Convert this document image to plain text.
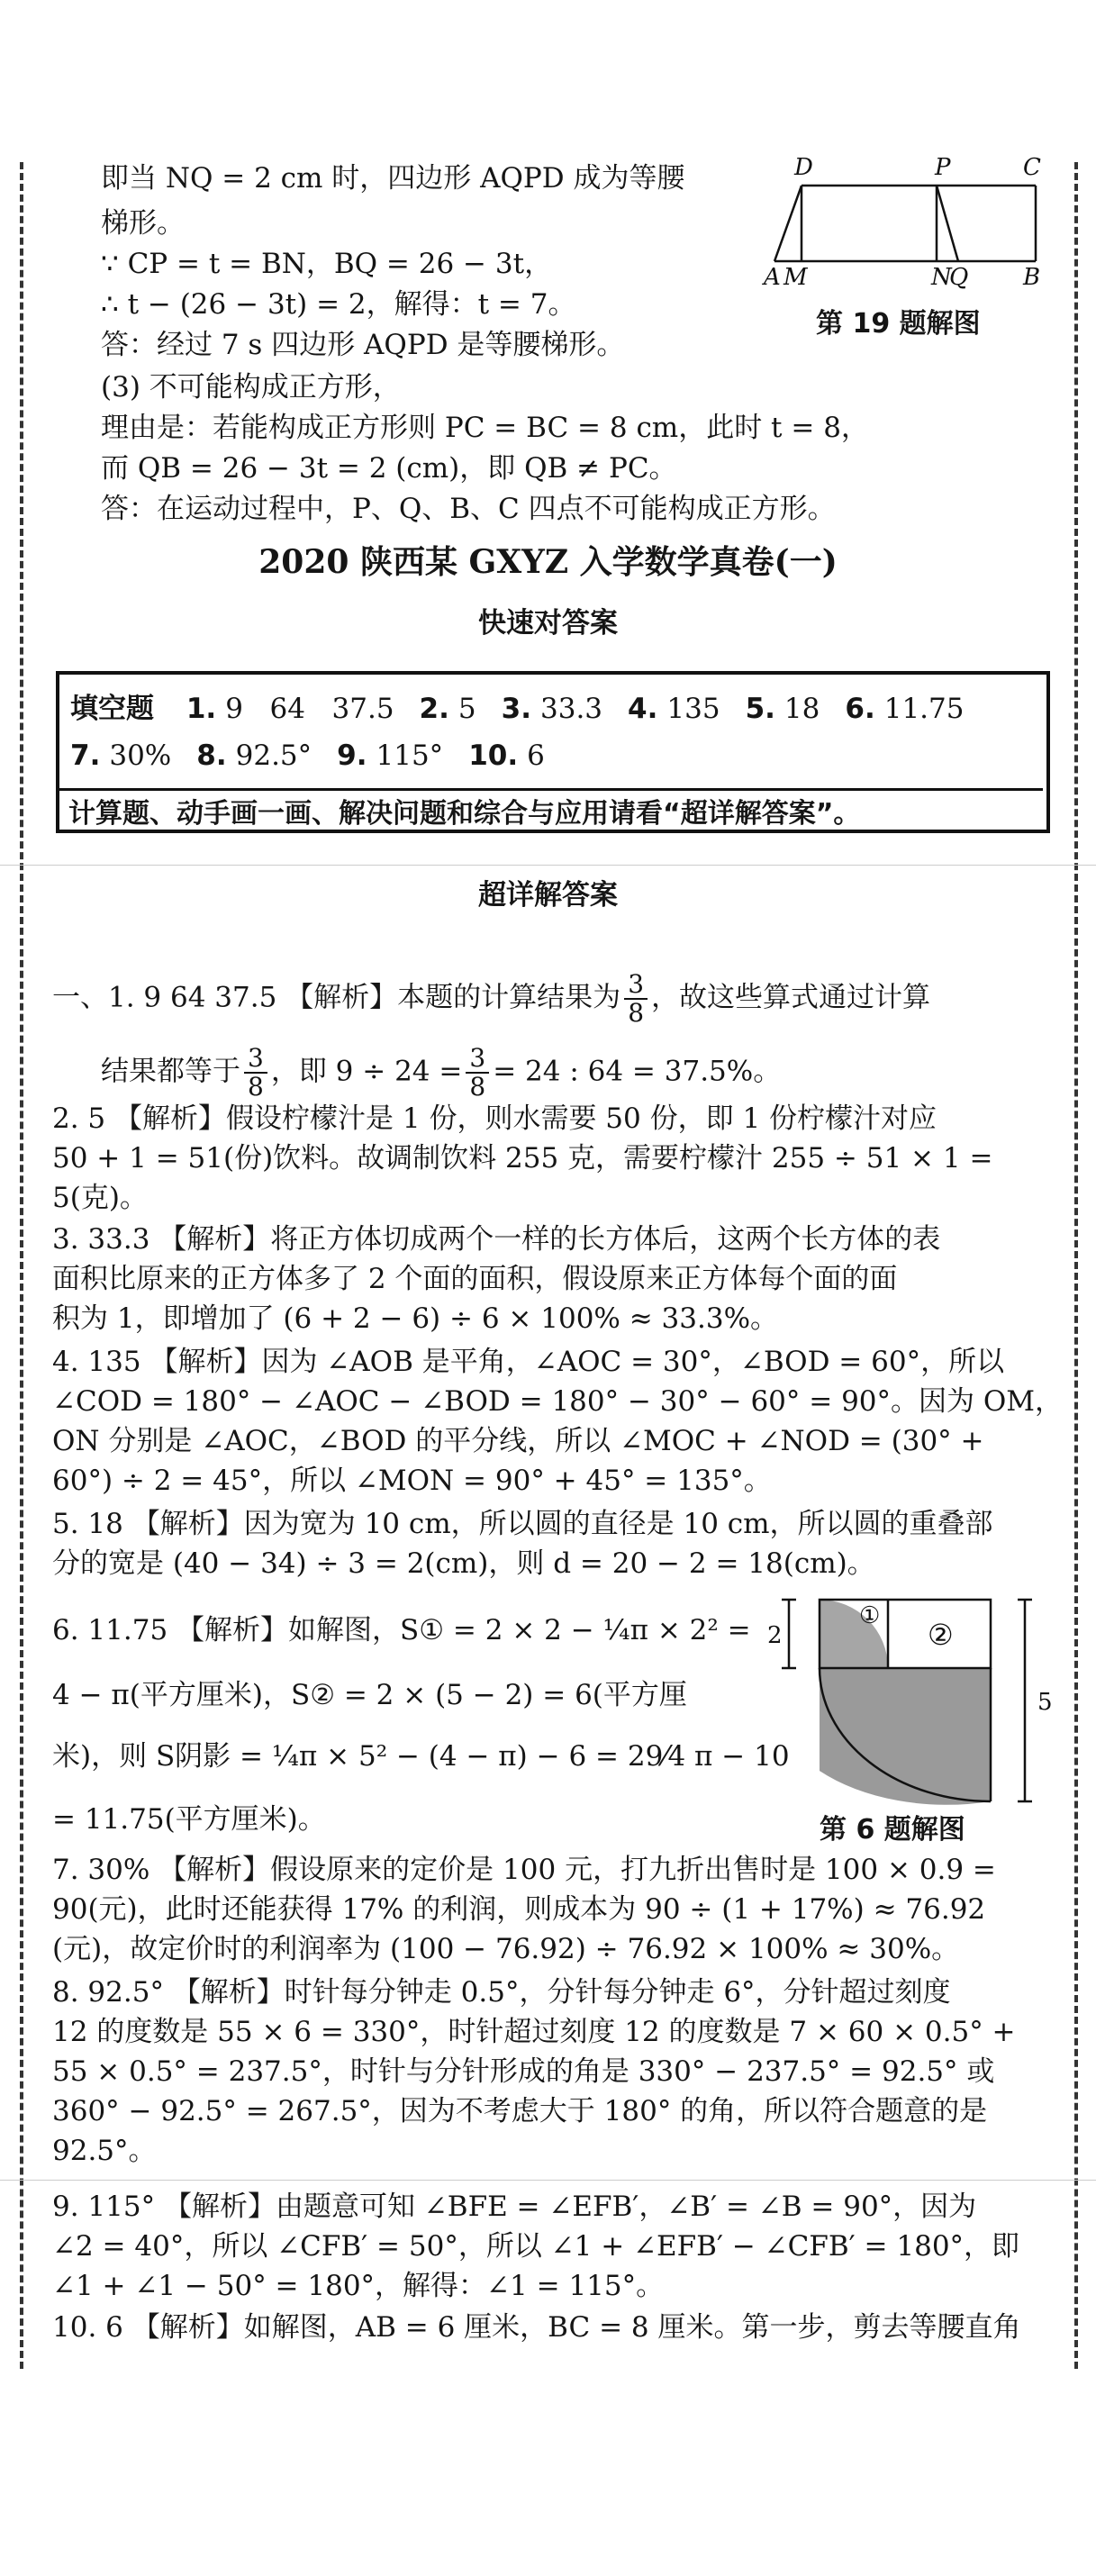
即当 NQ = 2 cm 时，四边形 AQPD 成为等腰
梯形。
∵ CP = t = BN，BQ = 26 − 3t，
∴ t − (26 − 3t) = 2，解得：t = 7。
答：经过 7 s 四边形 AQPD 是等腰梯形。
(3) 不可能构成正方形，
理由是：若能构成正方形则 PC = BC = 8 cm，此时 t = 8，
而 QB = 26 − 3t = 2 (cm)，即 QB ≠ PC。
答：在运动过程中，P、Q、B、C 四点不可能构成正方形。
D	P	C
A M	N
Q B
第 19 题解图
2020 陕西某 GXYZ 入学数学真卷(一)
快速对答案
填空题 1. 9   64   37.5 2. 5 3. 33.3 4. 135 5. 18 6. 11.75
7. 30% 8. 92.5° 9. 115° 10. 6
计算题、动手画一画、解决问题和综合与应用请看“超详解答案”。
超详解答案
一、1. 9 64 37.5 【解析】本题的计算结果为 $\frac{3}{8}$ ，故这些算式通过计算
结果都等于 $\frac{3}{8}$ ，即 $9 \div 24 = \frac{3}{8} = 24$ : 64 = 37.5%。
2. 5 【解析】假设柠檬汁是 1 份，则水需要 50 份，即 1 份柠檬汁对应
50 + 1 = 51(份)饮料。故调制饮料 255 克，需要柠檬汁 255 ÷ 51 × 1 =
5(克)。
3. 33.3 【解析】将正方体切成两个一样的长方体后，这两个长方体的表
面积比原来的正方体多了 2 个面的面积，假设原来正方体每个面的面
积为 1，即增加了 (6 + 2 − 6) ÷ 6 × 100% ≈ 33.3%。
4. 135 【解析】因为 ∠AOB 是平角，∠AOC = 30°，∠BOD = 60°，所以
∠COD = 180° − ∠AOC − ∠BOD = 180° − 30° − 60° = 90°。因为 OM，
ON 分别是 ∠AOC，∠BOD 的平分线，所以 ∠MOC + ∠NOD = (30° +
60°) ÷ 2 = 45°，所以 ∠MON = 90° + 45° = 135°。
5. 18 【解析】因为宽为 10 cm，所以圆的直径是 10 cm，所以圆的重叠部
分的宽是 (40 − 34) ÷ 3 = 2(cm)，则 d = 20 − 2 = 18(cm)。
6. 11.75 【解析】如解图，S① = 2 × 2 − ¼π × 2² =
4 − π(平方厘米)，S② = 2 × (5 − 2) = 6(平方厘
米)，则 S阴影 = ¼π × 5² − (4 − π) − 6 = 29⁄4 π − 10
= 11.75(平方厘米)。
①
②
2
5
第 6 题解图
7. 30% 【解析】假设原来的定价是 100 元，打九折出售时是 100 × 0.9 =
90(元)，此时还能获得 17% 的利润，则成本为 90 ÷ (1 + 17%) ≈ 76.92
(元)，故定价时的利润率为 (100 − 76.92) ÷ 76.92 × 100% ≈ 30%。
8. 92.5° 【解析】时针每分钟走 0.5°，分针每分钟走 6°，分针超过刻度
12 的度数是 55 × 6 = 330°，时针超过刻度 12 的度数是 7 × 60 × 0.5° +
55 × 0.5° = 237.5°，时针与分针形成的角是 330° − 237.5° = 92.5° 或
360° − 92.5° = 267.5°，因为不考虑大于 180° 的角，所以符合题意的是
92.5°。
9. 115° 【解析】由题意可知 ∠BFE = ∠EFB′，∠B′ = ∠B = 90°，因为
∠2 = 40°，所以 ∠CFB′ = 50°，所以 ∠1 + ∠EFB′ − ∠CFB′ = 180°，即
∠1 + ∠1 − 50° = 180°，解得：∠1 = 115°。
10. 6 【解析】如解图，AB = 6 厘米，BC = 8 厘米。第一步，剪去等腰直角
